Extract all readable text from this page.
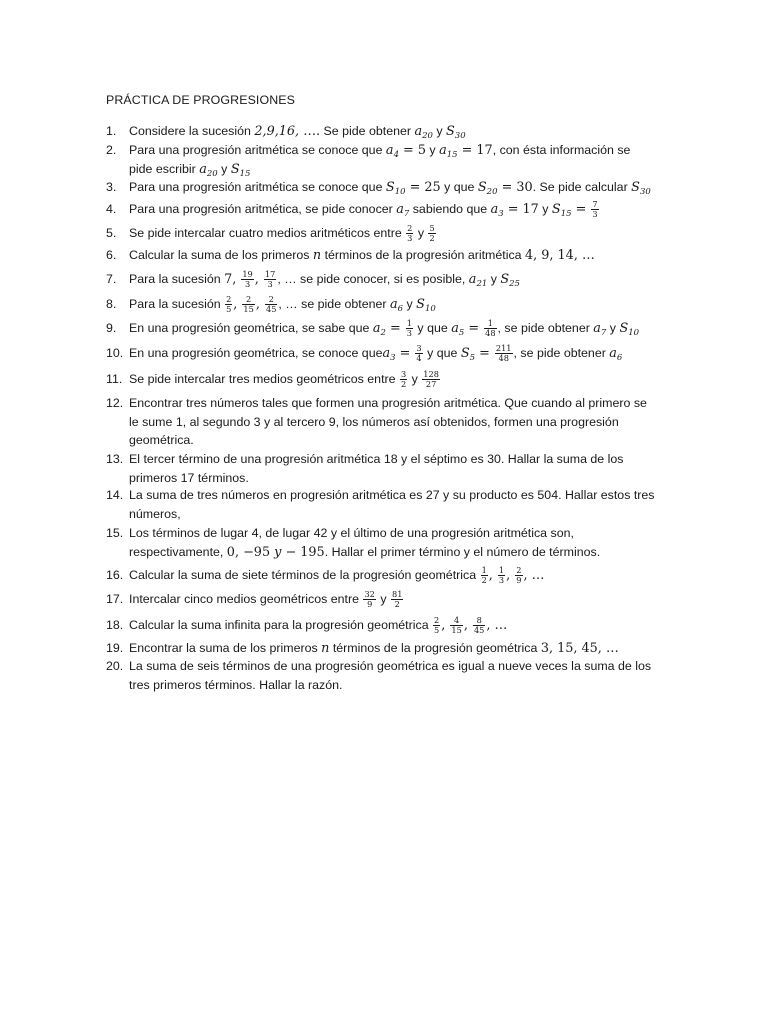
PRÁCTICA DE PROGRESIONES
1.	Considere la sucesión 2,9,16, …. Se pide obtener $a_{20}$ y $S_{30}$
2.	Para una progresión aritmética se conoce que $a_4 = 5$ y $a_{15} = 17$, con ésta información se
pide escribir $a_{20}$ y $S_{15}$
3.	Para una progresión aritmética se conoce que $S_{10} = 25$ y que $S_{20} = 30$. Se pide calcular $S_{30}$
4.	Para una progresión aritmética, se pide conocer $a_7$ sabiendo que $a_3 = 17$ y $S_{15} = \frac{7}{3}$
5.	Se pide intercalar cuatro medios aritméticos entre $\frac{2}{3}$ y $\frac{5}{2}$
6.	Calcular la suma de los primeros n términos de la progresión aritmética 4, 9, 14, …
7.	Para la sucesión 7, $\frac{19}{3}$ , $\frac{17}{3}$ , … se pide conocer, si es posible, $a_{21}$ y $S_{25}$
8.	Para la sucesión $\frac{2}{5}$ , $\frac{2}{15}$ , $\frac{2}{45}$ , … se pide obtener $a_6$ y $S_{10}$
9.	En una progresión geométrica, se sabe que $a_2 = \frac{1}{3}$ y que $a_5 = \frac{1}{48}$ , se pide obtener $a_7$ y $S_{10}$
10. En una progresión geométrica, se conoce quea$_3$ = $\frac{3}{4}$ y que $S_5 = \frac{211}{48}$ , se pide obtener $a_6$
11. Se pide intercalar tres medios geométricos entre $\frac{3}{2}$ y $\frac{128}{27}$
12. Encontrar tres números tales que formen una progresión aritmética. Que cuando al primero se
le sume 1, al segundo 3 y al tercero 9, los números así obtenidos, formen una progresión
geométrica.
13. El tercer término de una progresión aritmética 18 y el séptimo es 30. Hallar la suma de los
primeros 17 términos.
14. La suma de tres números en progresión aritmética es 27 y su producto es 504. Hallar estos tres
números,
15. Los términos de lugar 4, de lugar 42 y el último de una progresión aritmética son,
respectivamente, 0, −95 y − 195. Hallar el primer término y el número de términos.
16. Calcular la suma de siete términos de la progresión geométrica $\frac{1}{2}$ , $\frac{1}{3}$ , $\frac{2}{9}$ , …
17. Intercalar cinco medios geométricos entre $\frac{32}{9}$ y $\frac{81}{2}$
18. Calcular la suma infinita para la progresión geométrica $\frac{2}{5}$ , $\frac{4}{15}$ , $\frac{8}{45}$ , …
19. Encontrar la suma de los primeros n términos de la progresión geométrica 3, 15, 45, …
20. La suma de seis términos de una progresión geométrica es igual a nueve veces la suma de los
tres primeros términos. Hallar la razón.
